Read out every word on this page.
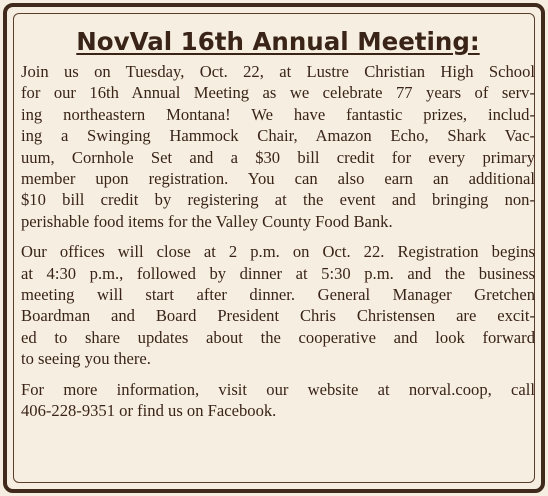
NovVal 16th Annual Meeting:
Join us on Tuesday, Oct. 22, at Lustre Christian High School
for our 16th Annual Meeting as we celebrate 77 years of serv-
ing northeastern Montana! We have fantastic prizes, includ-
ing a Swinging Hammock Chair, Amazon Echo, Shark Vac-
uum, Cornhole Set and a $30 bill credit for every primary
member upon registration. You can also earn an additional
$10 bill credit by registering at the event and bringing non-
perishable food items for the Valley County Food Bank.
Our offices will close at 2 p.m. on Oct. 22. Registration begins
at 4:30 p.m., followed by dinner at 5:30 p.m. and the business
meeting will start after dinner. General Manager Gretchen
Boardman and Board President Chris Christensen are excit-
ed to share updates about the cooperative and look forward
to seeing you there.
For more information, visit our website at norval.coop, call
406-228-9351 or find us on Facebook.
